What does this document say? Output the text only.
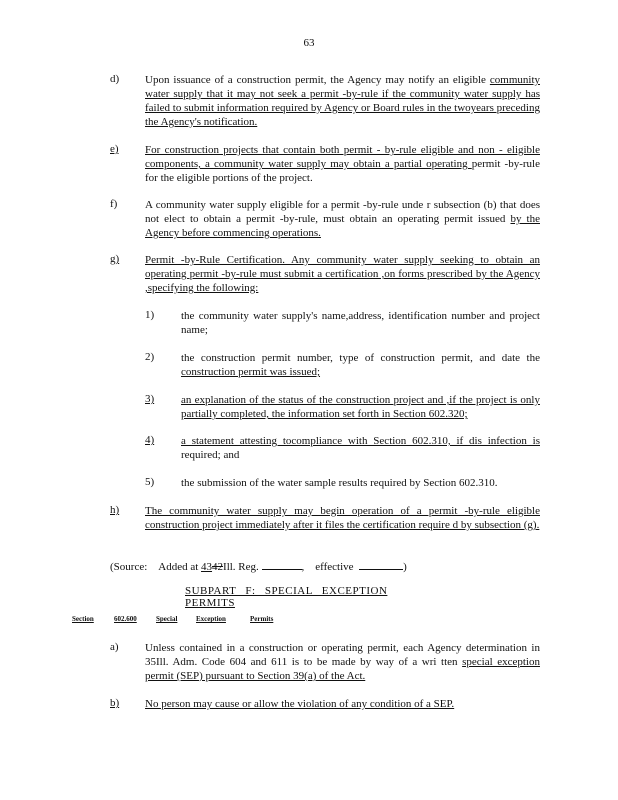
63
d)	Upon issuance of a construction permit, the Agency may notify an eligible community water supply that it may not seek a permit -by-rule if the community water supply has failed to submit information required by Agency or Board rules in the twoyears preceding the Agency's notification.
e)	For construction projects that contain both permit - by-rule eligible and non - eligible components, a community water supply may obtain a partial operating permit -by-rule for the eligible portions of the project.
f)	A community water supply eligible for a permit -by-rule unde r subsection (b) that does not elect to obtain a permit -by-rule, must obtain an operating permit issued by the Agency before commencing operations.
g)	Permit -by-Rule Certification. Any community water supply seeking to obtain an operating permit -by-rule must submit a certification ,on forms prescribed by the Agency ,specifying the following:
1)	the community water supply's name,address, identification number and project name;
2)	the construction permit number, type of construction permit, and date the construction permit was issued;
3)	an explanation of the status of the construction project and ,if the project is only partially completed, the information set forth in Section 602.320;
4)	a statement attesting tocompliance with Section 602.310, if dis infection is required; and
5)	the submission of the water sample results required by Section 602.310.
h)	The community water supply may begin operation of a permit -by-rule eligible construction project immediately after it files the certification require d by subsection (g).
(Source: Added at 4342Ill. Reg.	,    effective	)
SUBPART F: SPECIAL EXCEPTION PERMITS
Section	602.600	Special	Exception	Permits
a)	Unless contained in a construction or operating permit, each Agency determination in 35Ill. Adm. Code 604 and 611 is to be made by way of a wri tten special exception permit (SEP) pursuant to Section 39(a) of the Act.
b)	No person may cause or allow the violation of any condition of a SEP.
